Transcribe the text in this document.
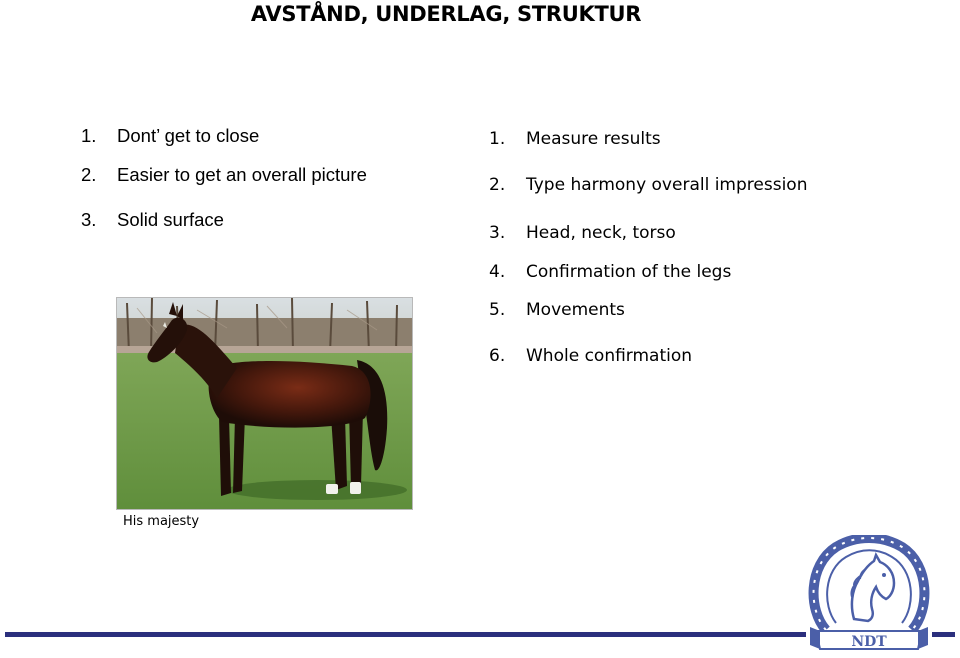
AVSTÅND, UNDERLAG, STRUKTUR
1. Dont’ get to close
2. Easier to get an overall picture
3. Solid surface
1. Measure results
2. Type harmony overall impression
3. Head, neck, torso
4. Confirmation of the legs
5. Movements
6. Whole confirmation
His majesty
NDT
